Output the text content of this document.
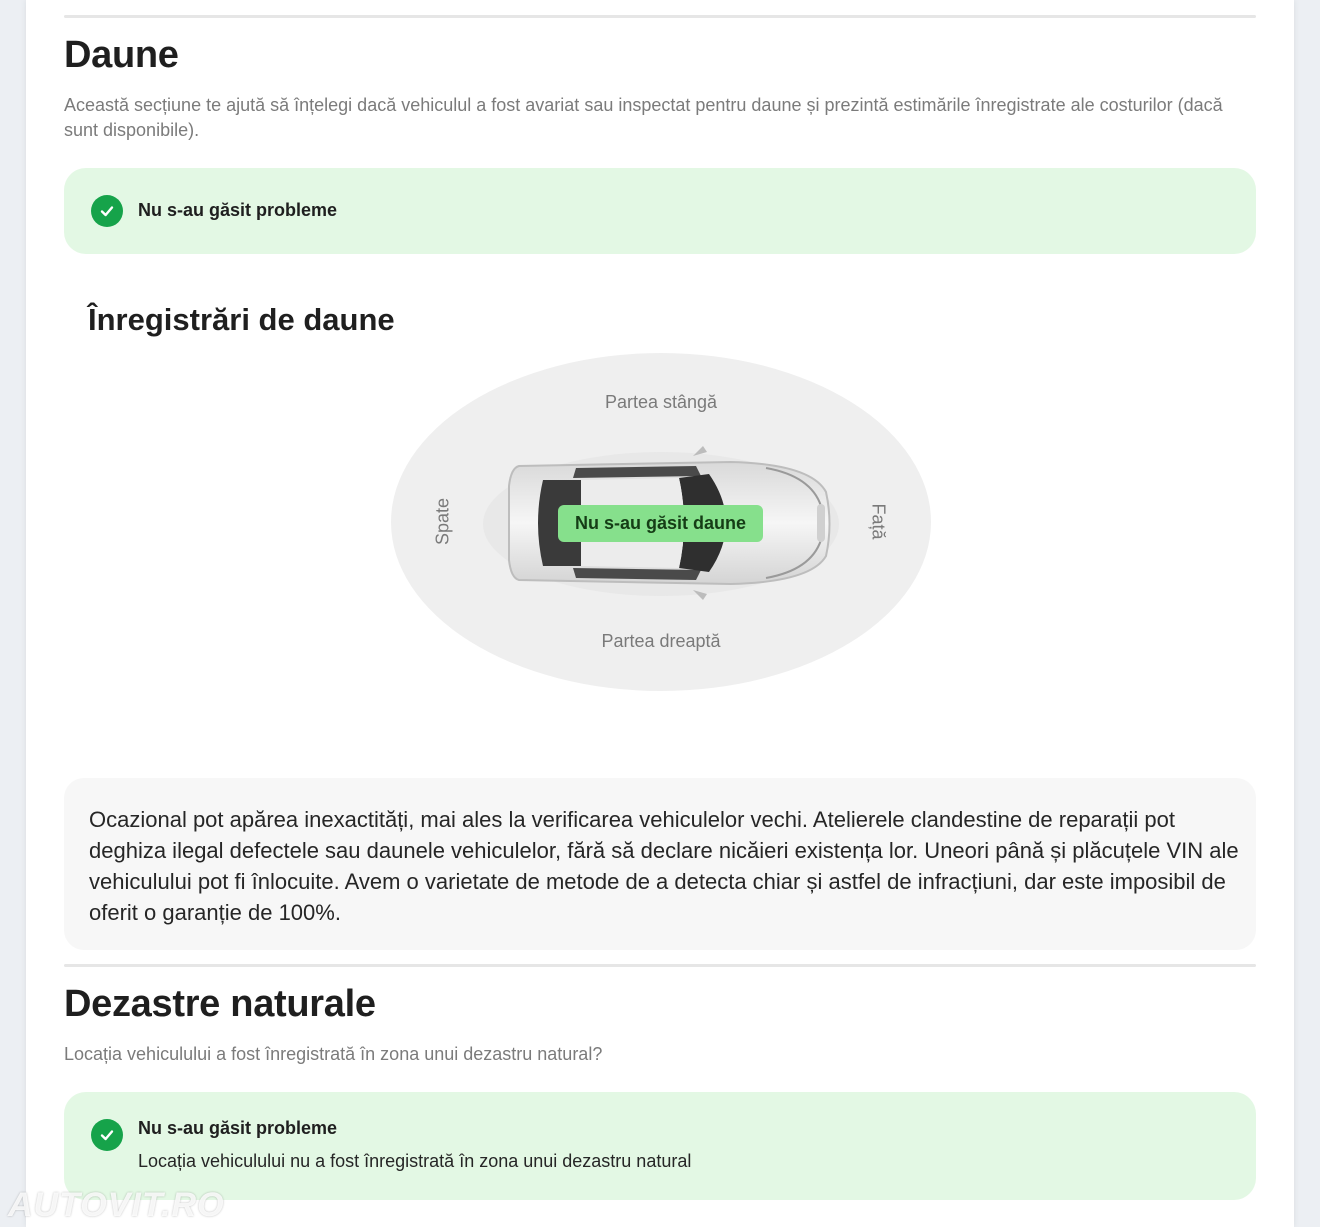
Daune

Această secțiune te ajută să înțelegi dacă vehiculul a fost avariat sau inspectat pentru daune și prezintă estimările înregistrate ale costurilor (dacă sunt disponibile).

Nu s-au găsit probleme
Înregistrări de daune
Partea stângă
Partea dreaptă
Spate	Față
Nu s-au găsit daune

Ocazional pot apărea inexactități, mai ales la verificarea vehiculelor vechi. Atelierele clandestine de reparații pot deghiza ilegal defectele sau daunele vehiculelor, fără să declare nicăieri existența lor. Uneori până și plăcuțele VIN ale vehiculului pot fi înlocuite. Avem o varietate de metode de a detecta chiar și astfel de infracțiuni, dar este imposibil de oferit o garanție de 100%.

Dezastre naturale

Locația vehiculului a fost înregistrată în zona unui dezastru natural?

Nu s-au găsit probleme
Locația vehiculului nu a fost înregistrată în zona unui dezastru natural
AUTOVIT.RO
